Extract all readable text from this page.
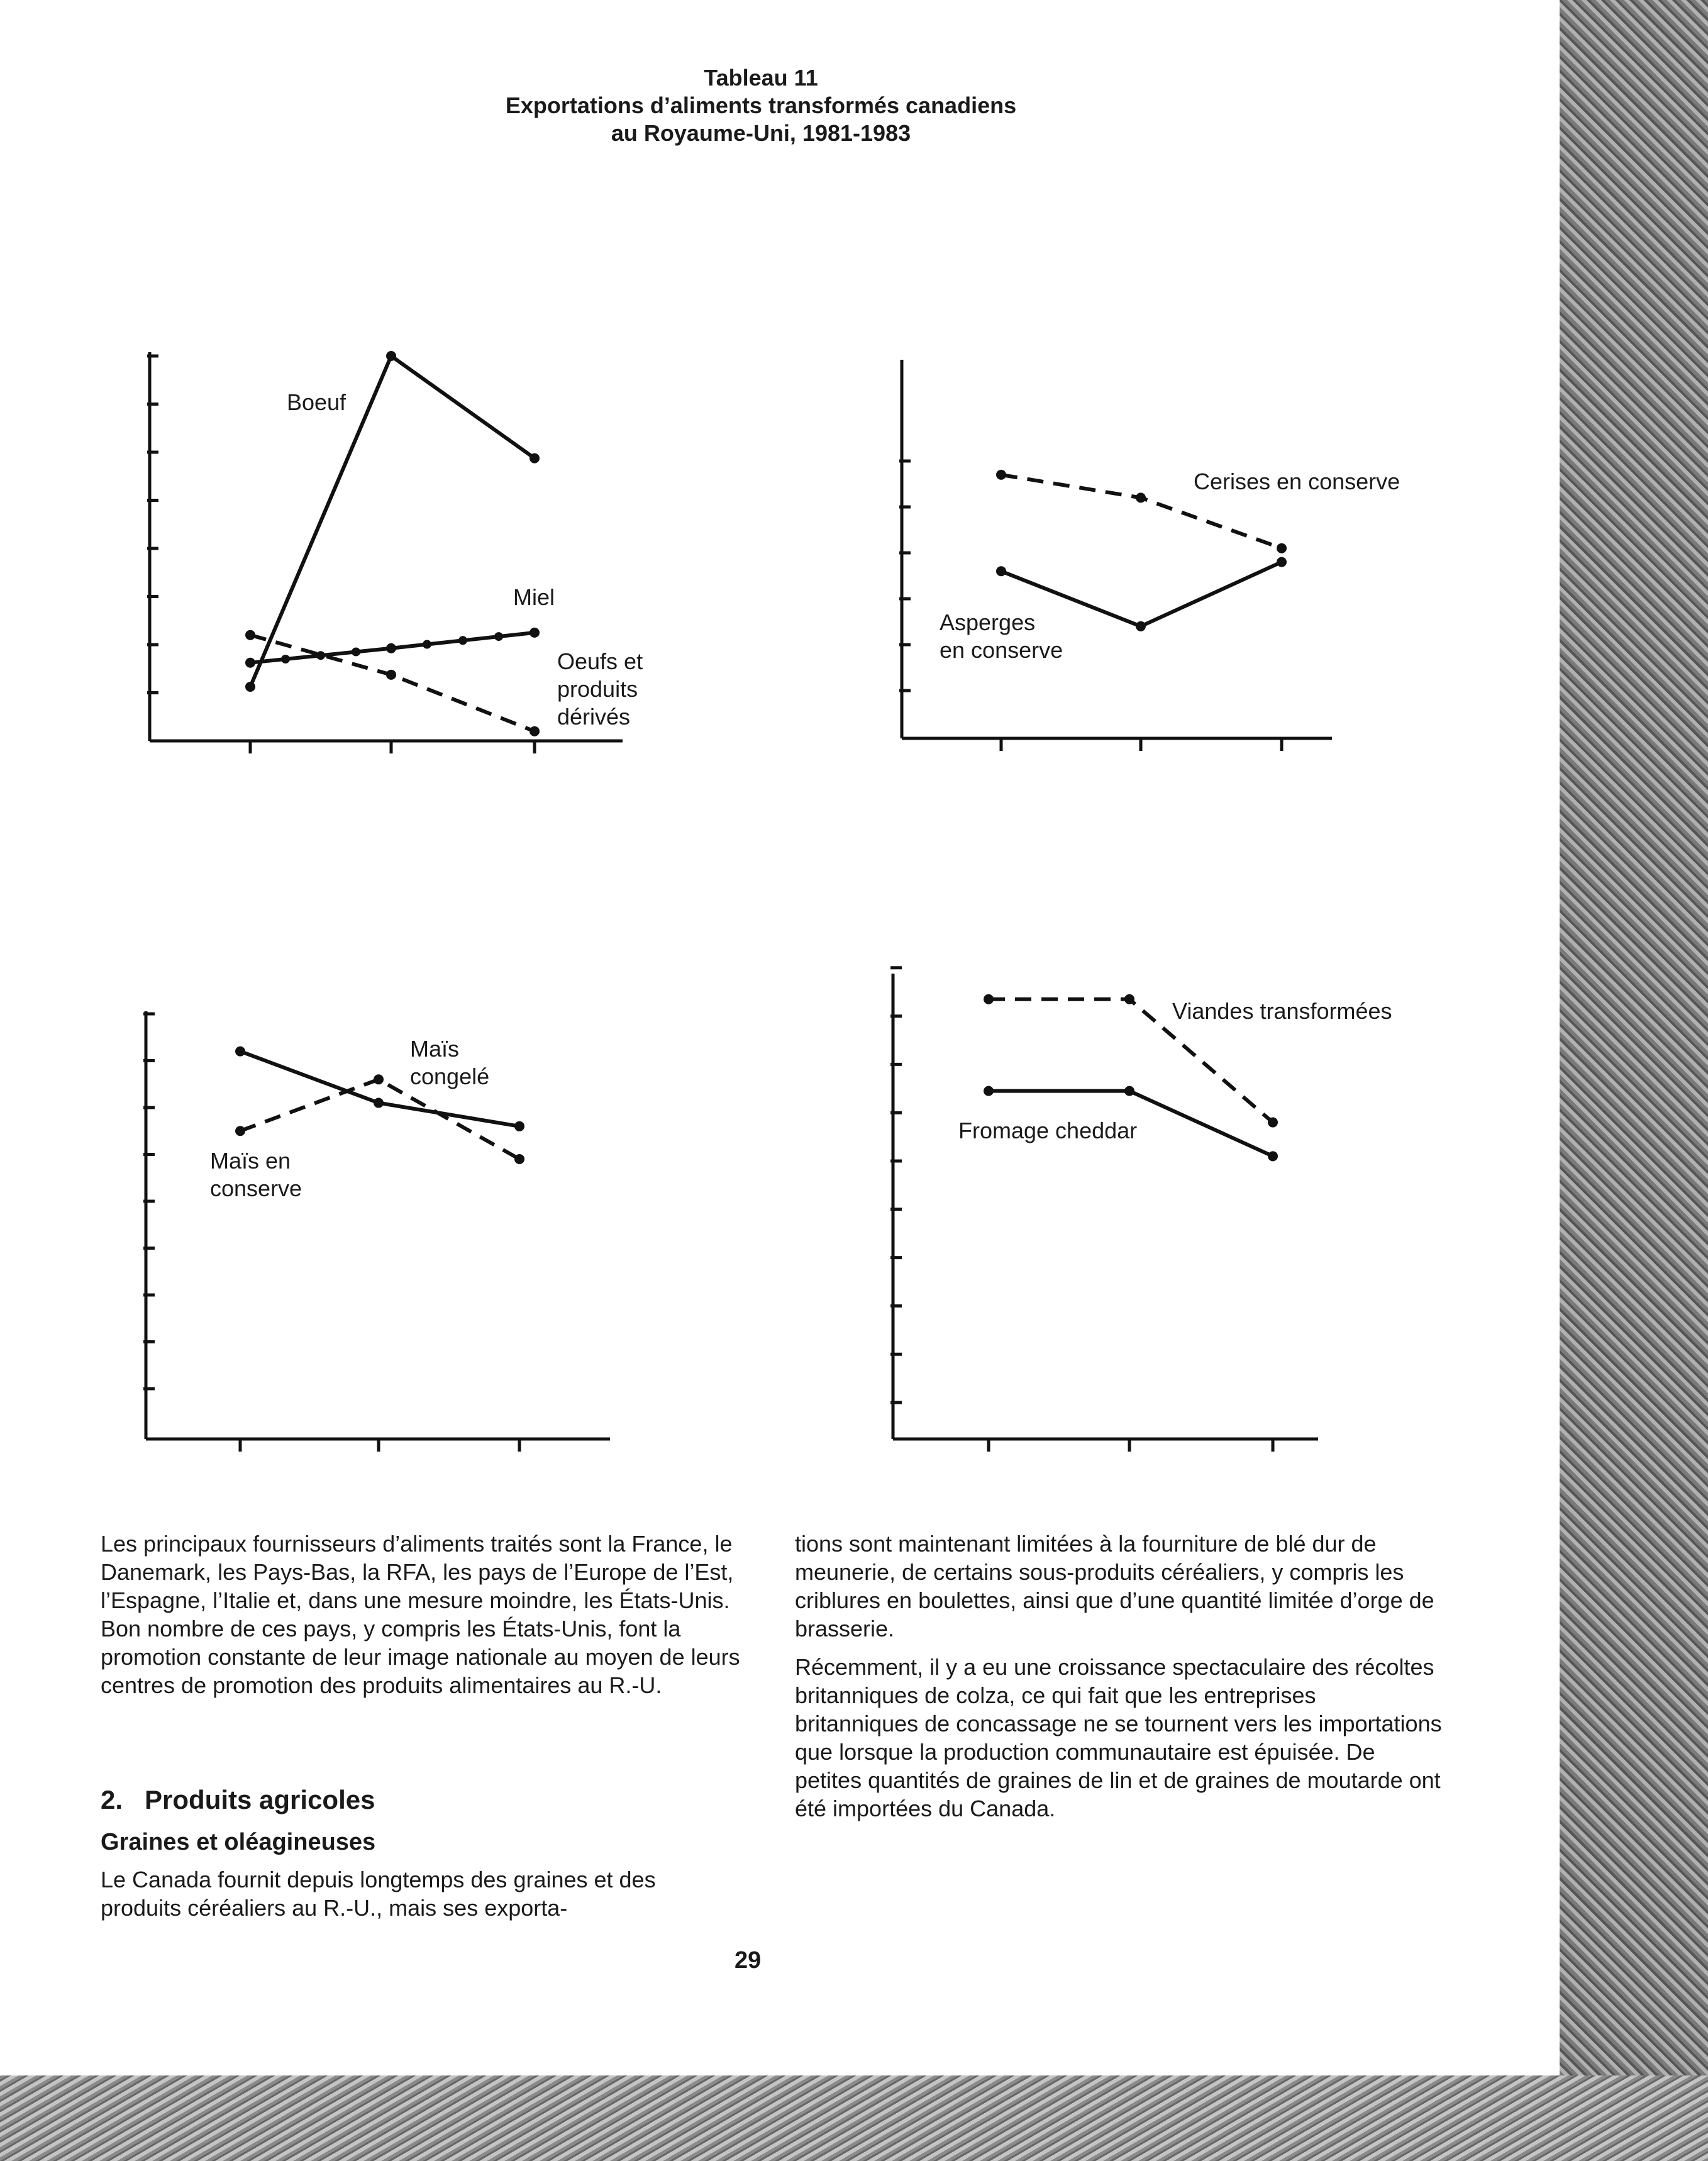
Tableau 11
Exportations d’aliments transformés canadiens
au Royaume-Uni, 1981-1983
Boeuf
Miel
Oeufs et produits dérivés
Cerises en conserve
Asperges en conserve
Maïs congelé
Maïs en conserve
Viandes transformées
Fromage cheddar

Les principaux fournisseurs d’aliments traités sont la France, le Danemark, les Pays-Bas, la RFA, les pays de l’Europe de l’Est, l’Espagne, l’Italie et, dans une mesure moindre, les États-Unis. Bon nombre de ces pays, y compris les États-Unis, font la promotion constante de leur image nationale au moyen de leurs centres de promotion des produits alimentaires au R.-U.

2.   Produits agricoles
Graines et oléagineuses

Le Canada fournit depuis longtemps des graines et des produits céréaliers au R.-U., mais ses exporta-

tions sont maintenant limitées à la fourniture de blé dur de meunerie, de certains sous-produits céréaliers, y compris les criblures en boulettes, ainsi que d’une quantité limitée d’orge de brasserie.

Récemment, il y a eu une croissance spectaculaire des récoltes britanniques de colza, ce qui fait que les entreprises britanniques de concassage ne se tournent vers les importations que lorsque la production communautaire est épuisée. De petites quantités de graines de lin et de graines de moutarde ont été importées du Canada.

29
